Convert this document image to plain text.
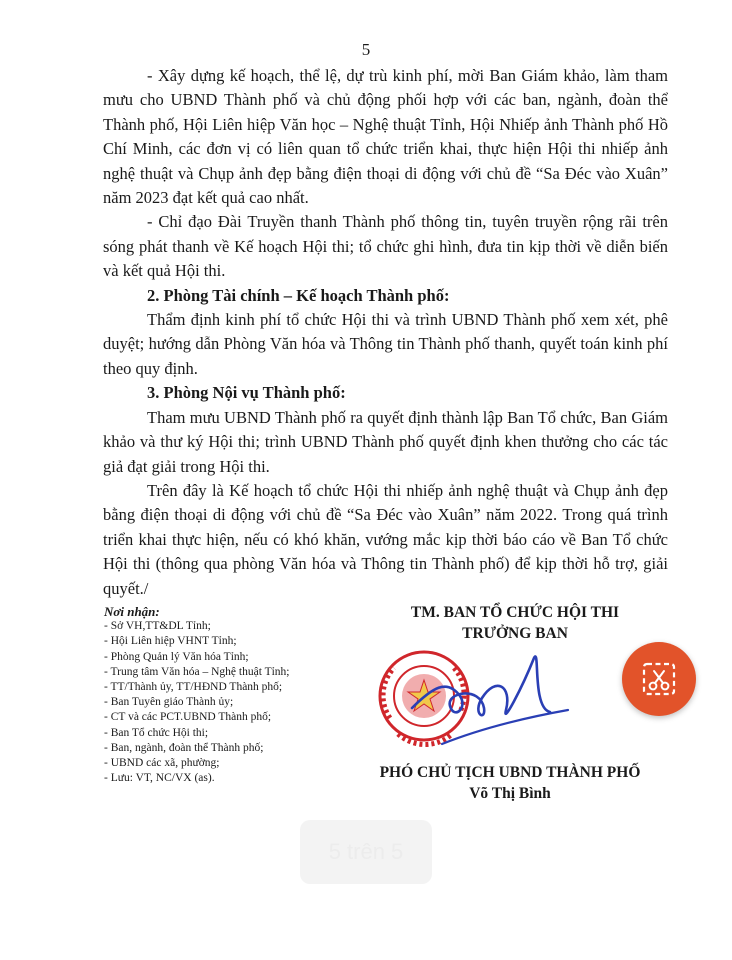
5

- Xây dựng kế hoạch, thể lệ, dự trù kinh phí, mời Ban Giám khảo, làm tham mưu cho UBND Thành phố và chủ động phối hợp với các ban, ngành, đoàn thể Thành phố, Hội Liên hiệp Văn học – Nghệ thuật Tỉnh, Hội Nhiếp ảnh Thành phố Hồ Chí Minh, các đơn vị có liên quan tổ chức triển khai, thực hiện Hội thi nhiếp ảnh nghệ thuật và Chụp ảnh đẹp bằng điện thoại di động với chủ đề “Sa Đéc vào Xuân” năm 2023 đạt kết quả cao nhất.

- Chỉ đạo Đài Truyền thanh Thành phố thông tin, tuyên truyền rộng rãi trên sóng phát thanh về Kế hoạch Hội thi; tổ chức ghi hình, đưa tin kịp thời về diễn biến và kết quả Hội thi.

2. Phòng Tài chính – Kế hoạch Thành phố:

Thẩm định kinh phí tổ chức Hội thi và trình UBND Thành phố xem xét, phê duyệt; hướng dẫn Phòng Văn hóa và Thông tin Thành phố thanh, quyết toán kinh phí theo quy định.

3. Phòng Nội vụ Thành phố:

Tham mưu UBND Thành phố ra quyết định thành lập Ban Tổ chức, Ban Giám khảo và thư ký Hội thi; trình UBND Thành phố quyết định khen thưởng cho các tác giả đạt giải trong Hội thi.

Trên đây là Kế hoạch tổ chức Hội thi nhiếp ảnh nghệ thuật và Chụp ảnh đẹp bằng điện thoại di động với chủ đề “Sa Đéc vào Xuân” năm 2022. Trong quá trình triển khai thực hiện, nếu có khó khăn, vướng mắc kịp thời báo cáo về Ban Tổ chức Hội thi (thông qua phòng Văn hóa và Thông tin Thành phố) để kịp thời hỗ trợ, giải quyết./

Nơi nhận:
- Sở VH,TT&DL Tỉnh;
- Hội Liên hiệp VHNT Tỉnh;
- Phòng Quản lý Văn hóa Tỉnh;
- Trung tâm Văn hóa – Nghệ thuật Tỉnh;
- TT/Thành ủy, TT/HĐND Thành phố;
- Ban Tuyên giáo Thành ủy;
- CT và các PCT.UBND Thành phố;
- Ban Tổ chức Hội thi;
- Ban, ngành, đoàn thể Thành phố;
- UBND các xã, phường;
- Lưu: VT, NC/VX (as).
TM. BAN TỔ CHỨC HỘI THI
TRƯỞNG BAN
PHÓ CHỦ TỊCH UBND THÀNH PHỐ
Võ Thị Bình
5 trên 5
